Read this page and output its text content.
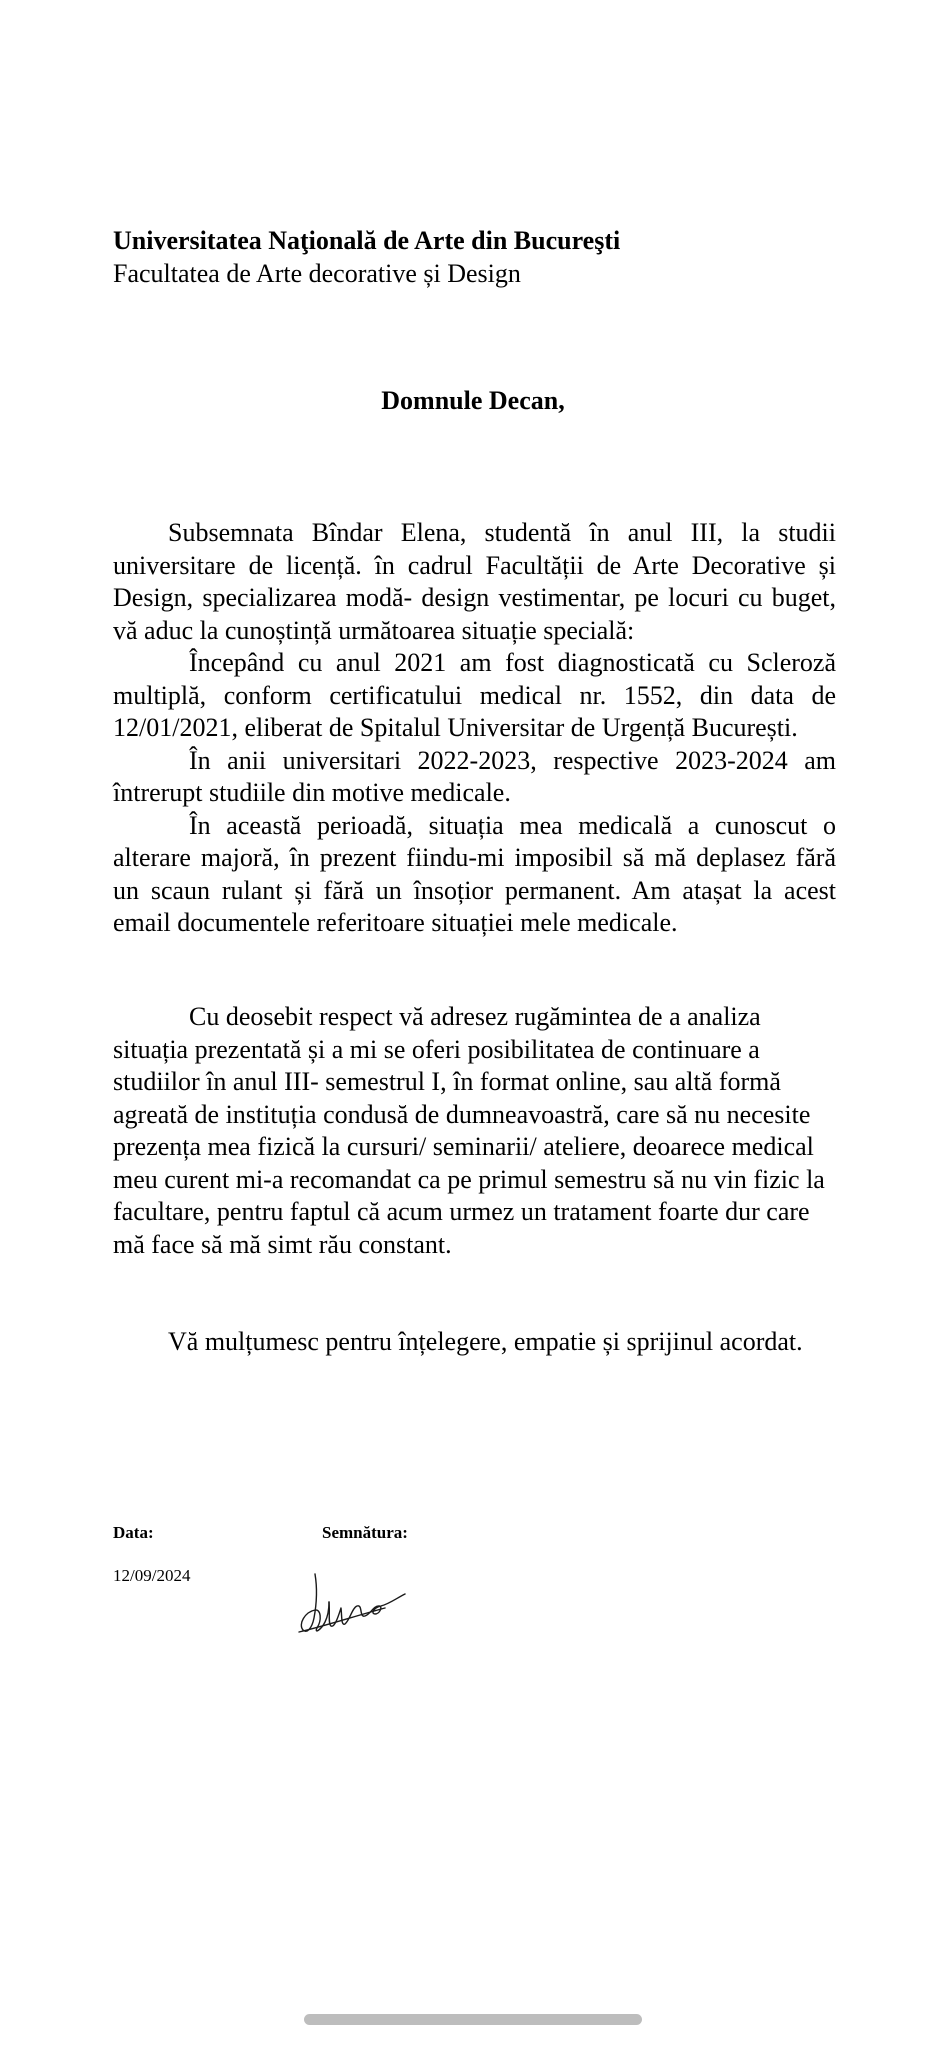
Universitatea Naţională de Arte din Bucureşti
Facultatea de Arte decorative și Design
Domnule Decan,

Subsemnata Bîndar Elena, studentă în anul III, la studii universitare de licență. în cadrul Facultății de Arte Decorative și Design, specializarea modă- design vestimentar, pe locuri cu buget, vă aduc la cunoștință următoarea situație specială:

Începând cu anul 2021 am fost diagnosticată cu Scleroză multiplă, conform certificatului medical nr. 1552, din data de 12/01/2021, eliberat de Spitalul Universitar de Urgență București.

În anii universitari 2022-2023, respective 2023-2024 am întrerupt studiile din motive medicale.

În această perioadă, situația mea medicală a cunoscut o alterare majoră, în prezent fiindu-mi imposibil să mă deplasez fără un scaun rulant și fără un însoțior permanent. Am atașat la acest email documentele referitoare situației mele medicale.

Cu deosebit respect vă adresez rugămintea de a analiza situația prezentată și a mi se oferi posibilitatea de continuare a studiilor în anul III- semestrul I, în format online, sau altă formă agreată de instituția condusă de dumneavoastră, care să nu necesite prezența mea fizică la cursuri/ seminarii/ ateliere, deoarece medical meu curent mi-a recomandat ca pe primul semestru să nu vin fizic la facultare, pentru faptul că acum urmez un tratament foarte dur care mă face să mă simt rău constant.

Vă mulțumesc pentru înțelegere, empatie și sprijinul acordat.

Data:	Semnătura:
12/09/2024
